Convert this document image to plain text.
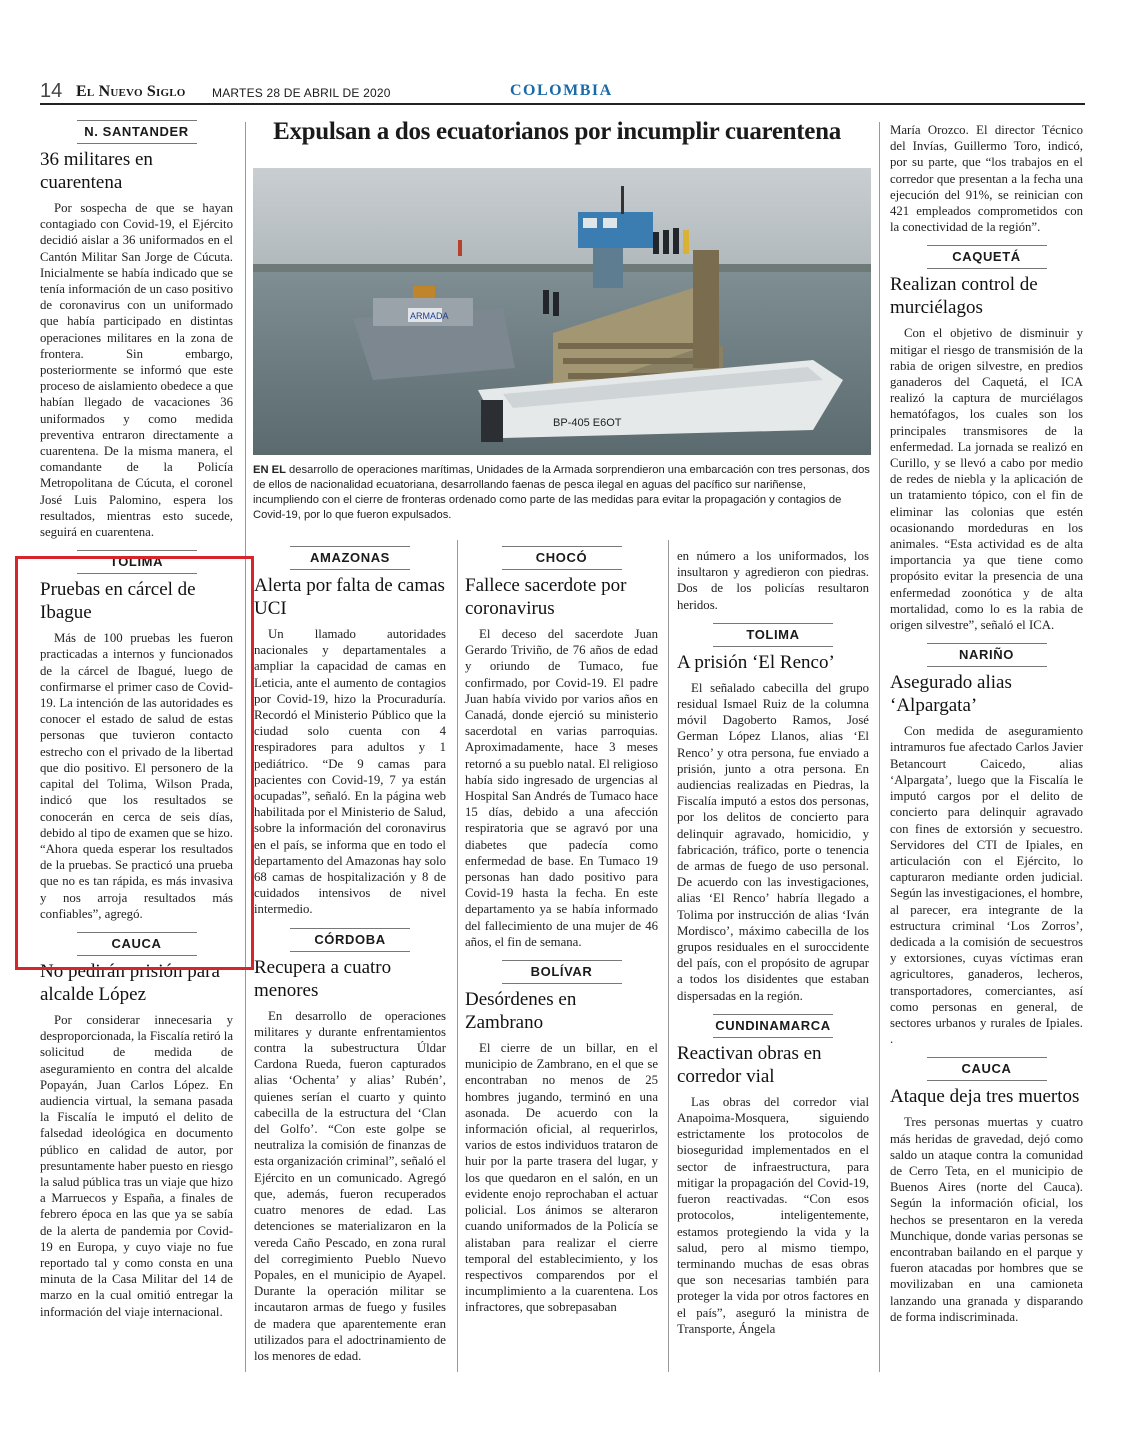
14 El Nuevo Siglo MARTES 28 DE ABRIL DE 2020	COLOMBIA
N. SANTANDER
36 militares en cuarentena
Por sospecha de que se hayan contagiado con Covid-19, el Ejército decidió aislar a 36 uniformados en el Cantón Militar San Jorge de Cúcuta. Inicialmente se había indicado que se tenía información de un caso positivo de coronavirus con un uniformado que había participado en distintas operaciones militares en la zona de frontera. Sin embargo, posteriormente se informó que este proceso de aislamiento obedece a que habían llegado de vacaciones 36 uniformados y como medida preventiva entraron directamente a cuarentena. De la misma manera, el comandante de la Policía Metropolitana de Cúcuta, el coronel José Luis Palomino, espera los resultados, mientras esto sucede, seguirá en cuarentena.
TOLIMA
Pruebas en cárcel de Ibague
Más de 100 pruebas les fueron practicadas a internos y funcionados de la cárcel de Ibagué, luego de confirmarse el primer caso de Covid-19. La intención de las autoridades es conocer el estado de salud de estas personas que tuvieron contacto estrecho con el privado de la libertad que dio positivo. El personero de la capital del Tolima, Wilson Prada, indicó que los resultados se conocerán en cerca de seis días, debido al tipo de examen que se hizo. “Ahora queda esperar los resultados de la pruebas. Se practicó una prueba que no es tan rápida, es más invasiva y nos arroja resultados más confiables”, agregó.
CAUCA
No pedirán prisión para alcalde López
Por considerar innecesaria y desproporcionada, la Fiscalía retiró la solicitud de medida de aseguramiento en contra del alcalde Popayán, Juan Carlos López. En audiencia virtual, la semana pasada la Fiscalía le imputó el delito de falsedad ideológica en documento público en calidad de autor, por presuntamente haber puesto en riesgo la salud pública tras un viaje que hizo a Marruecos y España, a finales de febrero época en las que ya se sabía de la alerta de pandemia por Covid-19 en Europa, y cuyo viaje no fue reportado tal y como consta en una minuta de la Casa Militar del 14 de marzo en la cual omitió entregar la información del viaje internacional.
Expulsan a dos ecuatorianos por incumplir cuarentena
ARMADA
BP-405 E6OT
EN EL desarrollo de operaciones marítimas, Unidades de la Armada sorprendieron una embarcación con tres personas, dos de ellos de nacionalidad ecuatoriana, desarrollando faenas de pesca ilegal en aguas del pacífico sur nariñense, incumpliendo con el cierre de fronteras ordenado como parte de las medidas para evitar la propagación y contagios de Covid-19, por lo que fueron expulsados.
AMAZONAS
Alerta por falta de camas UCI
Un llamado autoridades nacionales y departamentales a ampliar la capacidad de camas en Leticia, ante el aumento de contagios por Covid-19, hizo la Procuraduría. Recordó el Ministerio Público que la ciudad solo cuenta con 4 respiradores para adultos y 1 pediátrico. “De 9 camas para pacientes con Covid-19, 7 ya están ocupadas”, señaló. En la página web habilitada por el Ministerio de Salud, sobre la información del coronavirus en el país, se informa que en todo el departamento del Amazonas hay solo 68 camas de hospitalización y 8 de cuidados intensivos de nivel intermedio.
CÓRDOBA
Recupera a cuatro menores
En desarrollo de operaciones militares y durante enfrentamientos contra la subestructura Úldar Cardona Rueda, fueron capturados alias ‘Ochenta’ y alias’ Rubén’, quienes serían el cuarto y quinto cabecilla de la estructura del ‘Clan del Golfo’. “Con este golpe se neutraliza la comisión de finanzas de esta organización criminal”, señaló el Ejército en un comunicado. Agregó que, además, fueron recuperados cuatro menores de edad. Las detenciones se materializaron en la vereda Caño Pescado, en zona rural del corregimiento Pueblo Nuevo Popales, en el municipio de Ayapel. Durante la operación militar se incautaron armas de fuego y fusiles de madera que aparentemente eran utilizados para el adoctrinamiento de los menores de edad.
CHOCÓ
Fallece sacerdote por coronavirus
El deceso del sacerdote Juan Gerardo Triviño, de 76 años de edad y oriundo de Tumaco, fue confirmado, por Covid-19. El padre Juan había vivido por varios años en Canadá, donde ejerció su ministerio sacerdotal en varias parroquias. Aproximadamente, hace 3 meses retornó a su pueblo natal. El religioso había sido ingresado de urgencias al Hospital San Andrés de Tumaco hace 15 días, debido a una afección respiratoria que se agravó por una diabetes que padecía como enfermedad de base. En Tumaco 19 personas han dado positivo para Covid-19 hasta la fecha. En este departamento ya se había informado del fallecimiento de una mujer de 46 años, el fin de semana.
BOLÍVAR
Desórdenes en Zambrano
El cierre de un billar, en el municipio de Zambrano, en el que se encontraban no menos de 25 hombres jugando, terminó en una asonada. De acuerdo con la información oficial, al requerirlos, varios de estos individuos trataron de huir por la parte trasera del lugar, y los que quedaron en el salón, en un evidente enojo reprochaban el actuar policial. Los ánimos se alteraron cuando uniformados de la Policía se alistaban para realizar el cierre temporal del establecimiento, y los respectivos comparendos por el incumplimiento a la cuarentena. Los infractores, que sobrepasaban
en número a los uniformados, los insultaron y agredieron con piedras. Dos de los policías resultaron heridos.
TOLIMA
A prisión ‘El Renco’
El señalado cabecilla del grupo residual Ismael Ruiz de la columna móvil Dagoberto Ramos, José German López Llanos, alias ‘El Renco’ y otra persona, fue enviado a prisión, junto a otra persona. En audiencias realizadas en Piedras, la Fiscalía imputó a estos dos personas, por los delitos de concierto para delinquir agravado, homicidio, y fabricación, tráfico, porte o tenencia de armas de fuego de uso personal. De acuerdo con las investigaciones, alias ‘El Renco’ habría llegado a Tolima por instrucción de alias ‘Iván Mordisco’, máximo cabecilla de los grupos residuales en el suroccidente del país, con el propósito de agrupar a todos los disidentes que estaban dispersadas en la región.
CUNDINAMARCA
Reactivan obras en corredor vial
Las obras del corredor vial Anapoima-Mosquera, siguiendo estrictamente los protocolos de bioseguridad implementados en el sector de infraestructura, para mitigar la propagación del Covid-19, fueron reactivadas. “Con esos protocolos, inteligentemente, estamos protegiendo la vida y la salud, pero al mismo tiempo, terminando muchas de esas obras que son necesarias también para proteger la vida por otros factores en el país”, aseguró la ministra de Transporte, Ángela
María Orozco. El director Técnico del Invías, Guillermo Toro, indicó, por su parte, que “los trabajos en el corredor que presentan a la fecha una ejecución del 91%, se reinician con 421 empleados comprometidos con la conectividad de la región”.
CAQUETÁ
Realizan control de murciélagos
Con el objetivo de disminuir y mitigar el riesgo de transmisión de la rabia de origen silvestre, en predios ganaderos del Caquetá, el ICA realizó la captura de murciélagos hematófagos, los cuales son los principales transmisores de la enfermedad. La jornada se realizó en Curillo, y se llevó a cabo por medio de redes de niebla y la aplicación de un tratamiento tópico, con el fin de eliminar las colonias que estén ocasionando mordeduras en los animales. “Esta actividad es de alta importancia ya que tiene como propósito evitar la presencia de una enfermedad zoonótica y de alta mortalidad, como lo es la rabia de origen silvestre”, señaló el ICA.
NARIÑO
Asegurado alias ‘Alpargata’
Con medida de aseguramiento intramuros fue afectado Carlos Javier Betancourt Caicedo, alias ‘Alpargata’, luego que la Fiscalía le imputó cargos por el delito de concierto para delinquir agravado con fines de extorsión y secuestro. Servidores del CTI de Ipiales, en articulación con el Ejército, lo capturaron mediante orden judicial. Según las investigaciones, el hombre, al parecer, era integrante de la estructura criminal ‘Los Zorros’, dedicada a la comisión de secuestros y extorsiones, cuyas víctimas eran agricultores, ganaderos, lecheros, transportadores, comerciantes, así como personas en general, de sectores urbanos y rurales de Ipiales. .
CAUCA
Ataque deja tres muertos
Tres personas muertas y cuatro más heridas de gravedad, dejó como saldo un ataque contra la comunidad de Cerro Teta, en el municipio de Buenos Aires (norte del Cauca). Según la información oficial, los hechos se presentaron en la vereda Munchique, donde varias personas se encontraban bailando en el parque y fueron atacadas por hombres que se movilizaban en una camioneta lanzando una granada y disparando de forma indiscriminada.
